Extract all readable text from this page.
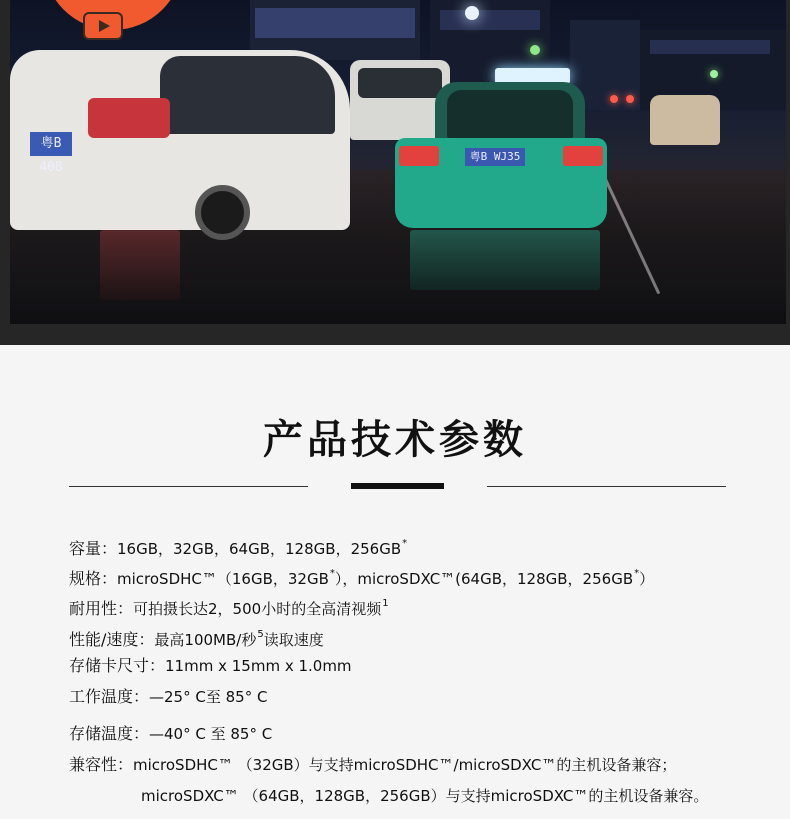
粤B 408
粤B WJ35
产品技术参数
容量：16GB，32GB，64GB，128GB，256GB*
规格：microSDHC™（16GB，32GB*），microSDXC™(64GB，128GB，256GB*）
耐用性：可拍摄长达2，500小时的全高清视频$^1$
性能/速度：最高100MB/秒$^5$读取速度
存储卡尺寸：11mm x 15mm x 1.0mm
工作温度：—25° C至 85° C
存储温度：—40° C 至 85° C
兼容性：microSDHC™ （32GB）与支持microSDHC™/microSDXC™的主机设备兼容；
microSDXC™ （64GB，128GB，256GB）与支持microSDXC™的主机设备兼容。
